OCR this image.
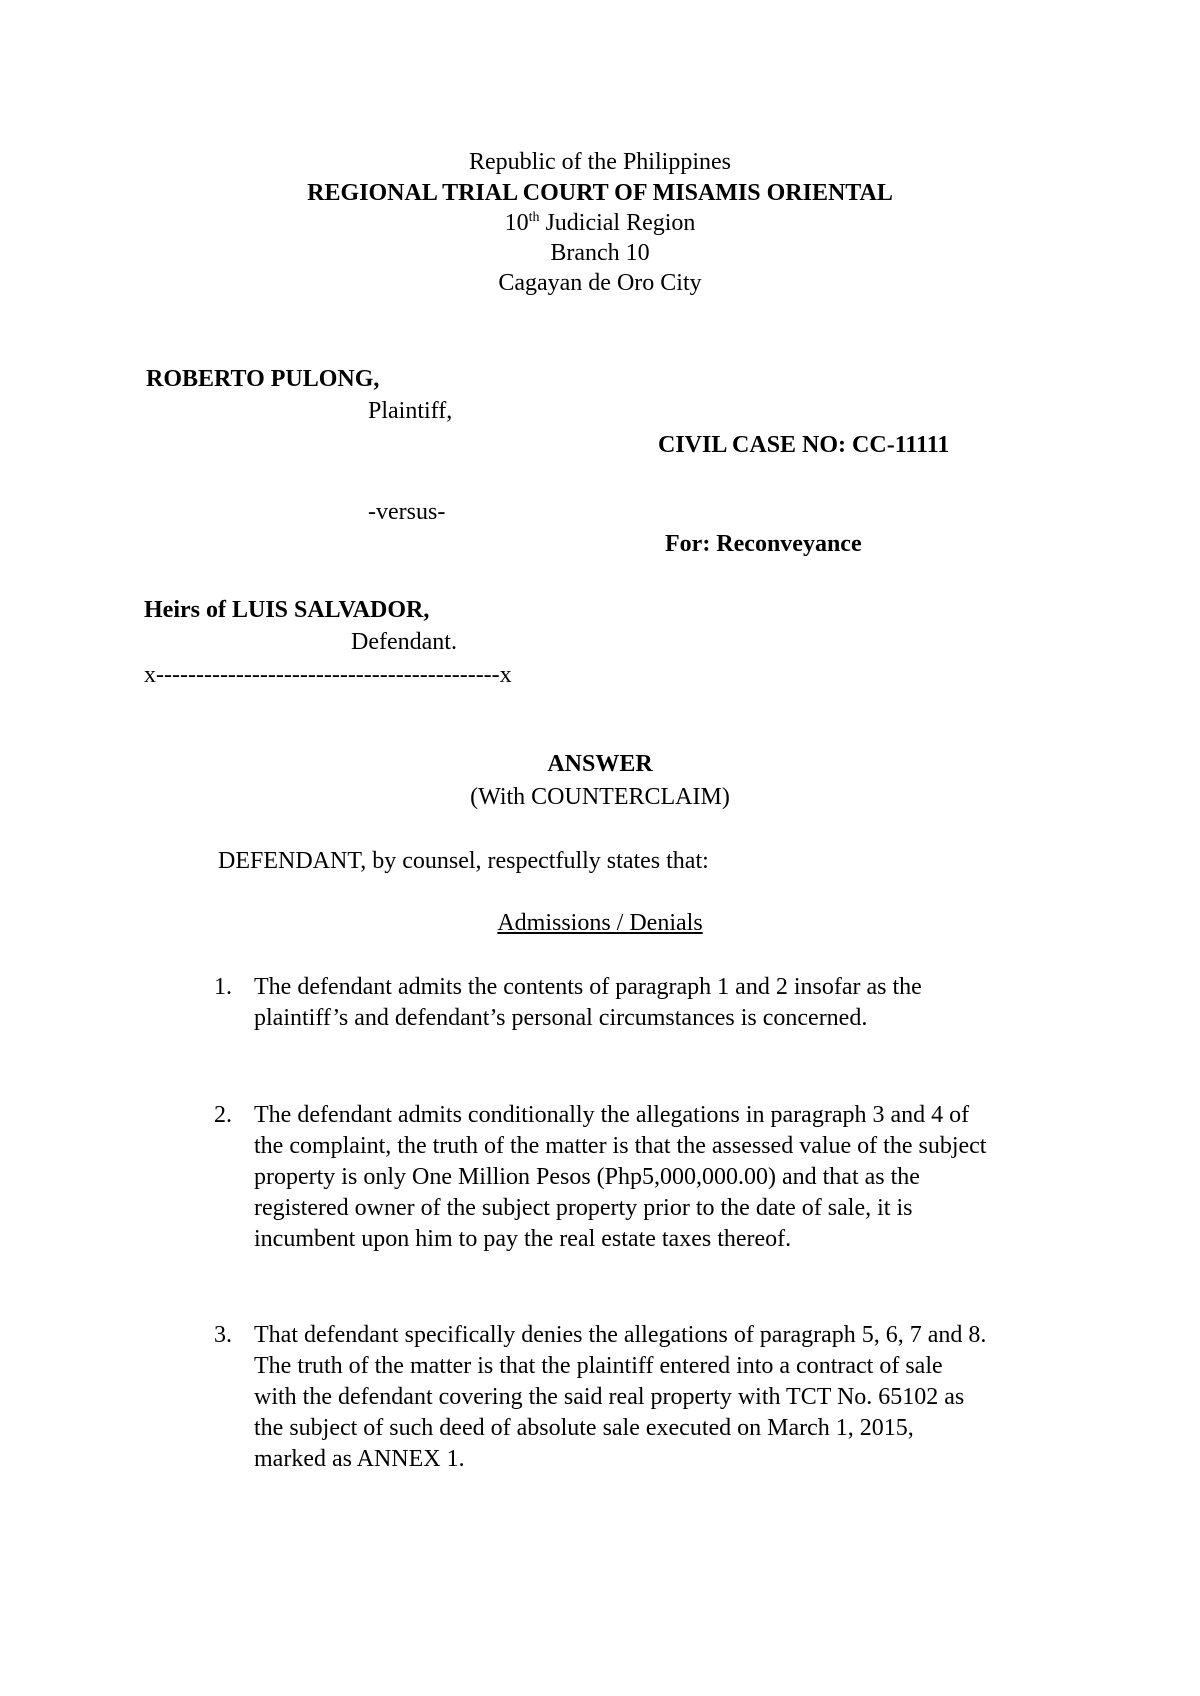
Republic of the Philippines
REGIONAL TRIAL COURT OF MISAMIS ORIENTAL
10th Judicial Region
Branch 10
Cagayan de Oro City
ROBERTO PULONG,
Plaintiff,
CIVIL CASE NO: CC-11111
-versus-
For: Reconveyance
Heirs of LUIS SALVADOR,
Defendant.
x-------------------------------------------x
ANSWER
(With COUNTERCLAIM)
DEFENDANT, by counsel, respectfully states that:
Admissions / Denials
1. The defendant admits the contents of paragraph 1 and 2 insofar as the
plaintiff’s and defendant’s personal circumstances is concerned.
2. The defendant admits conditionally the allegations in paragraph 3 and 4 of
the complaint, the truth of the matter is that the assessed value of the subject
property is only One Million Pesos (Php5,000,000.00) and that as the
registered owner of the subject property prior to the date of sale, it is
incumbent upon him to pay the real estate taxes thereof.
3. That defendant specifically denies the allegations of paragraph 5, 6, 7 and 8.
The truth of the matter is that the plaintiff entered into a contract of sale
with the defendant covering the said real property with TCT No. 65102 as
the subject of such deed of absolute sale executed on March 1, 2015,
marked as ANNEX 1.
